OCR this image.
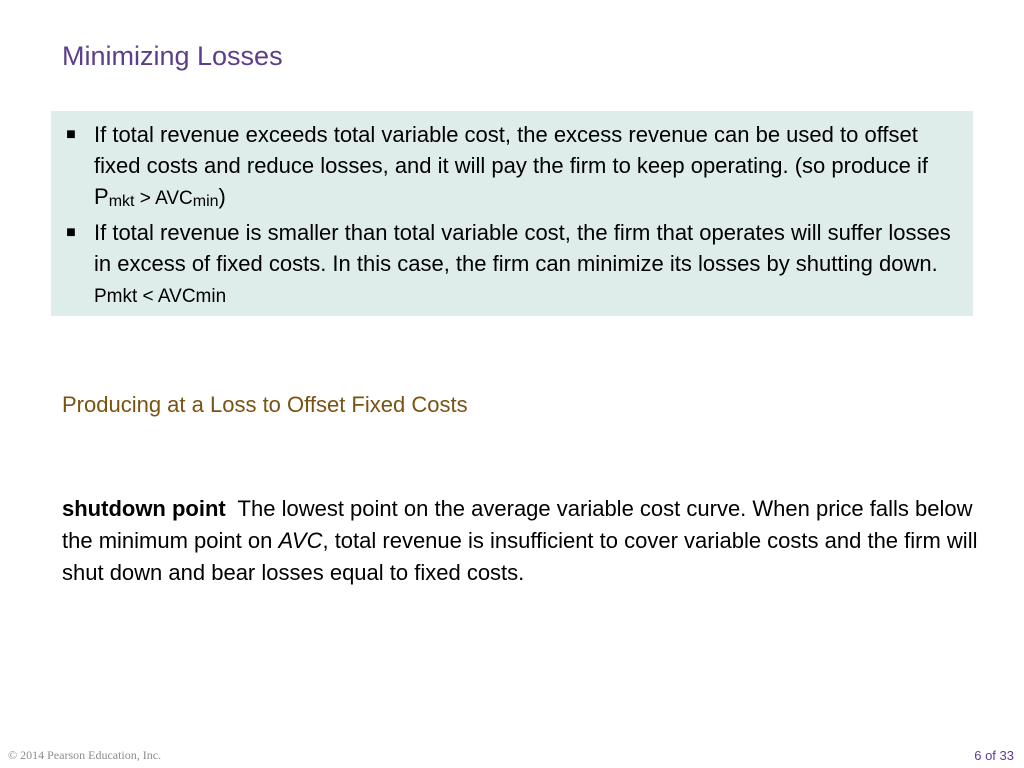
Minimizing Losses
■ If total revenue exceeds total variable cost, the excess revenue can be used to offset fixed costs and reduce losses, and it will pay the firm to keep operating. (so produce if Pmkt > AVCmin)
■ If total revenue is smaller than total variable cost, the firm that operates will suffer losses in excess of fixed costs. In this case, the firm can minimize its losses by shutting down. Pmkt < AVCmin
Producing at a Loss to Offset Fixed Costs
shutdown point  The lowest point on the average variable cost curve. When price falls below the minimum point on AVC, total revenue is insufficient to cover variable costs and the firm will shut down and bear losses equal to fixed costs.
© 2014 Pearson Education, Inc.	6 of 33
